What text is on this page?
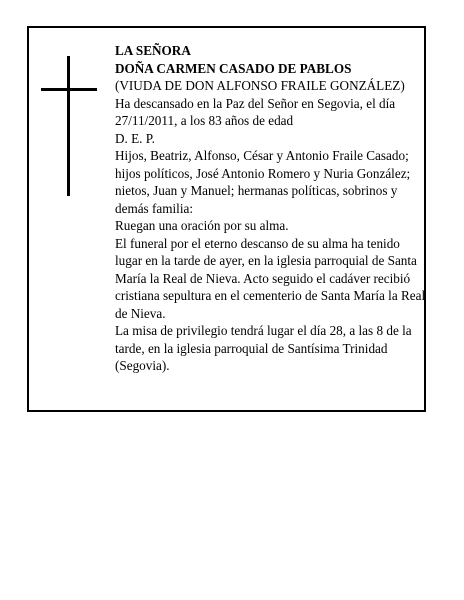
LA SEÑORA

DOÑA CARMEN CASADO DE PABLOS

(VIUDA DE DON ALFONSO FRAILE GONZÁLEZ)

Ha descansado en la Paz del Señor en Segovia, el día 27/11/2011, a los 83 años de edad

D. E. P.

Hijos, Beatriz, Alfonso, César y Antonio Fraile Casado; hijos políticos, José Antonio Romero y Nuria González; nietos, Juan y Manuel; hermanas políticas, sobrinos y demás familia:

Ruegan una oración por su alma.

El funeral por el eterno descanso de su alma ha tenido lugar en la tarde de ayer, en la iglesia parroquial de Santa María la Real de Nieva. Acto seguido el cadáver recibió cristiana sepultura en el cementerio de Santa María la Real de Nieva.

La misa de privilegio tendrá lugar el día 28, a las 8 de la tarde, en la iglesia parroquial de Santísima Trinidad (Segovia).
